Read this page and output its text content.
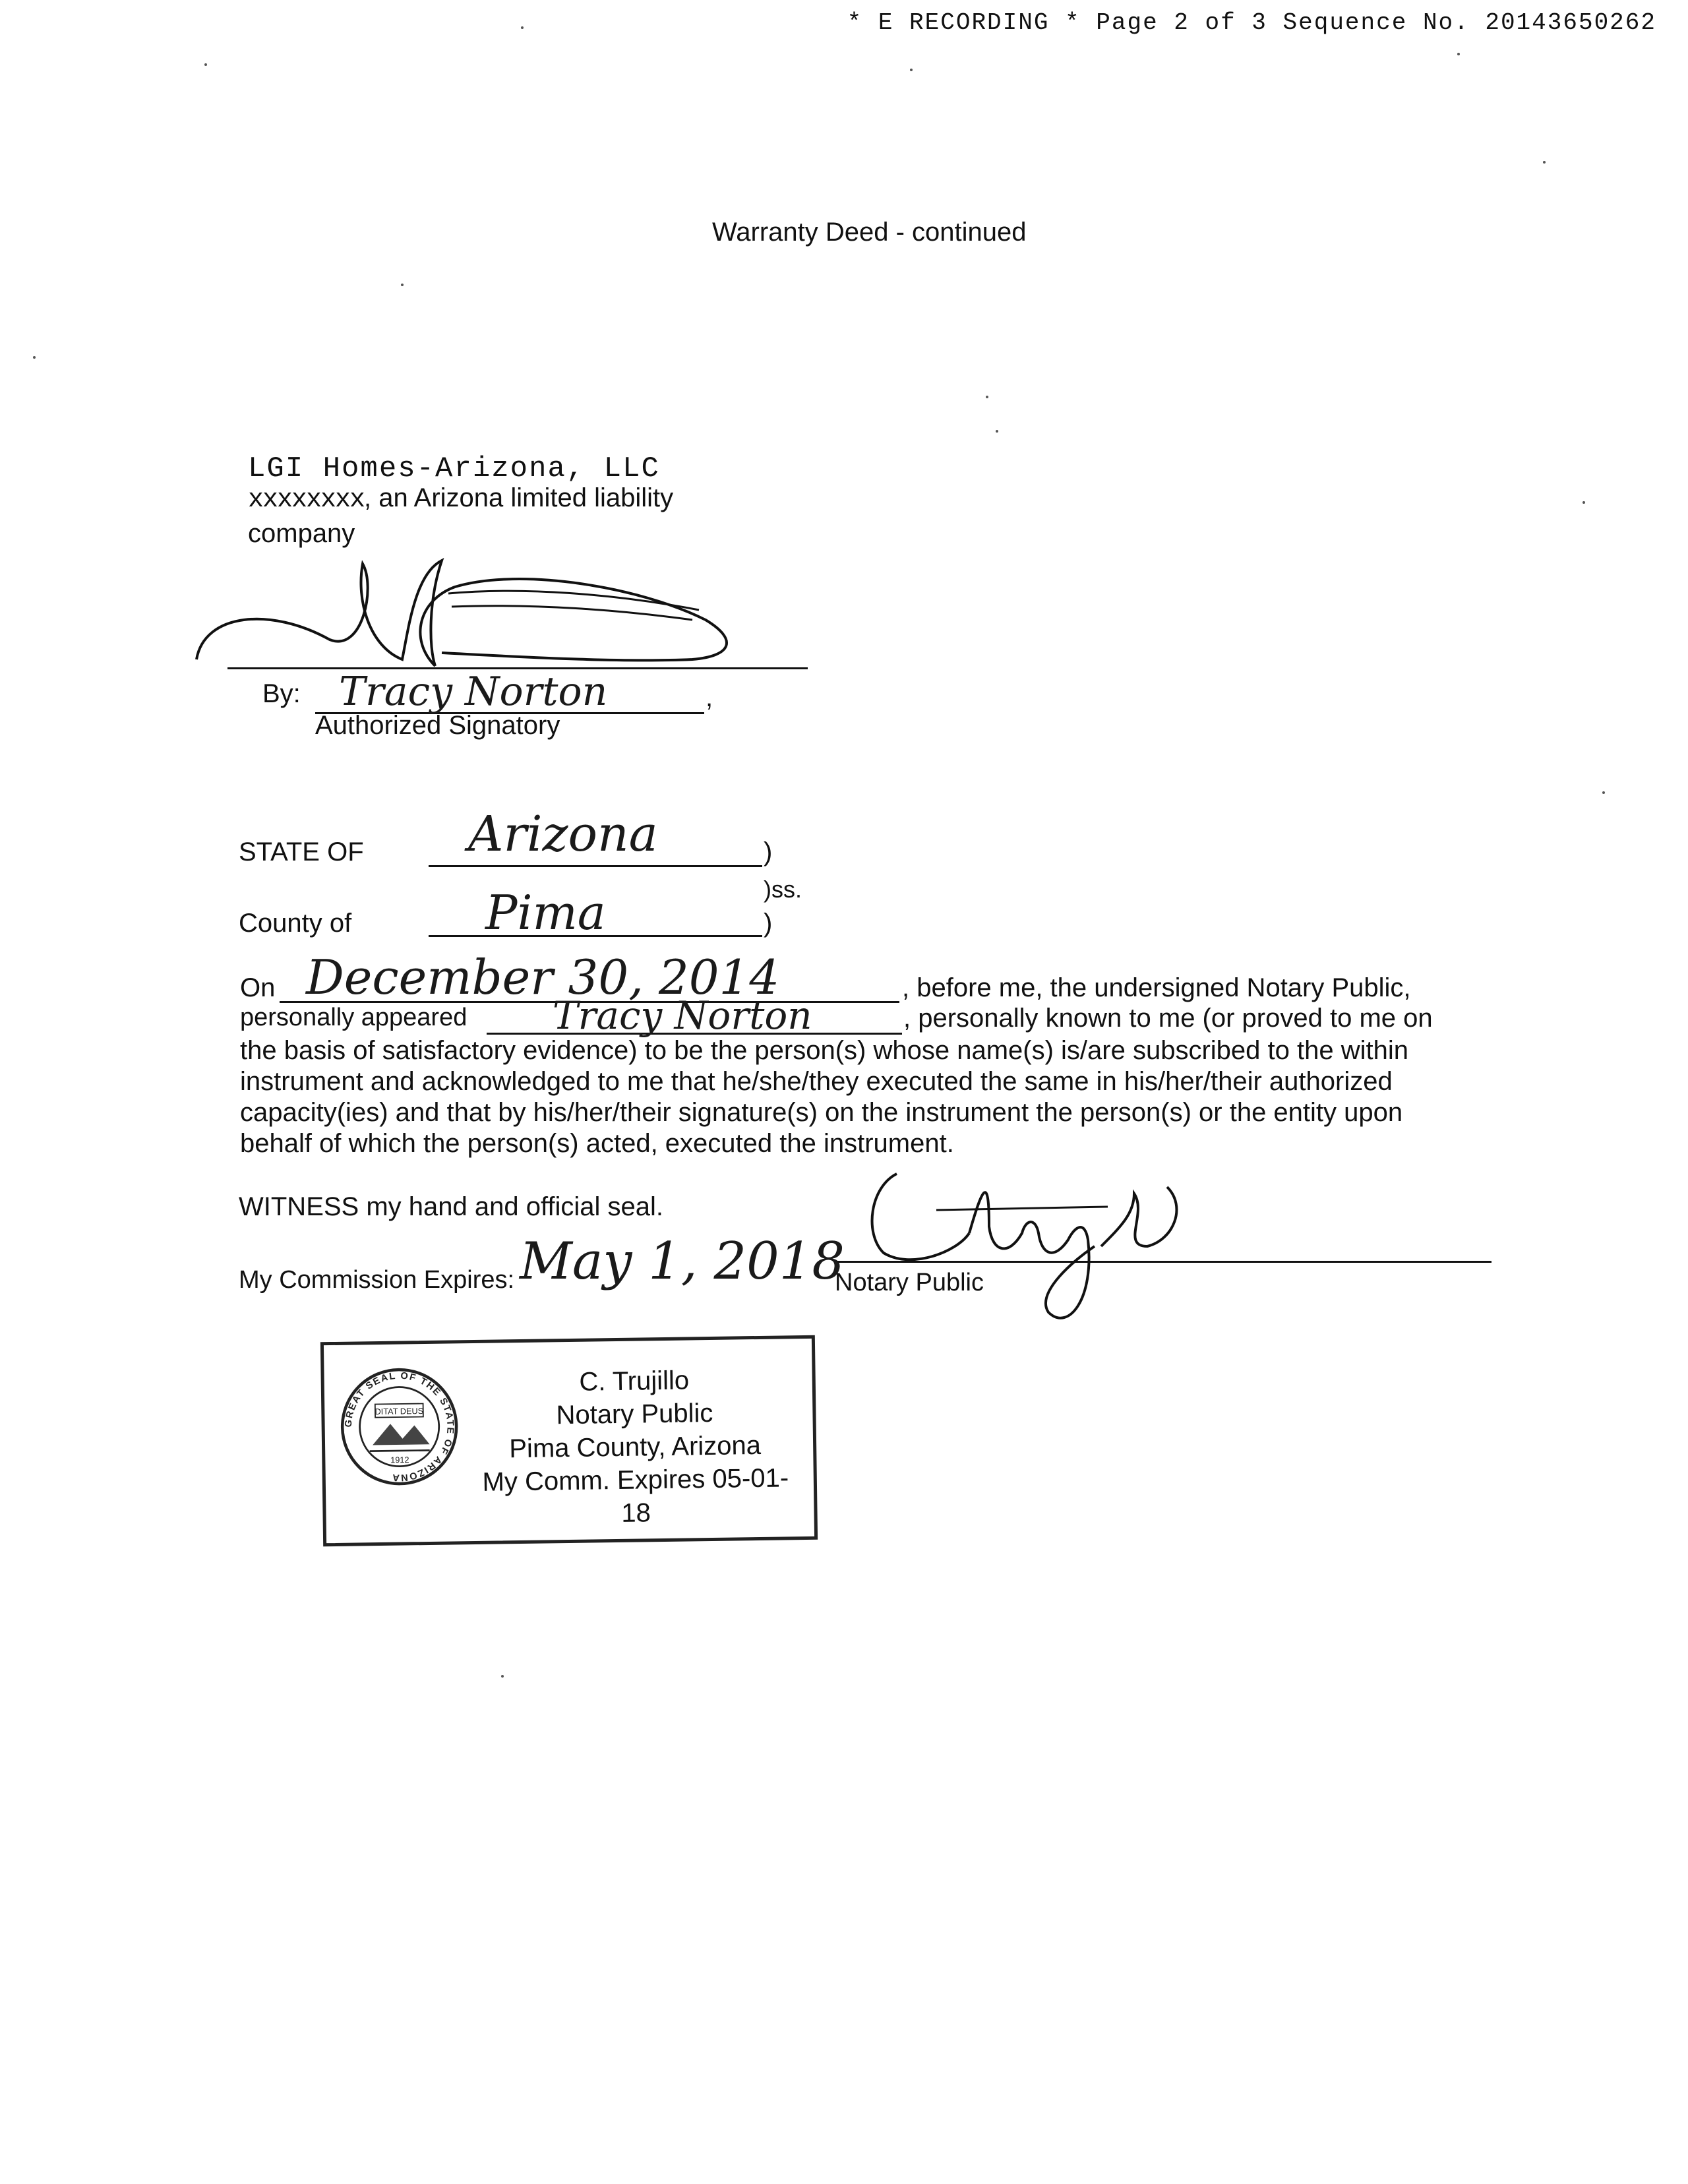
* E RECORDING * Page 2 of 3 Sequence No. 20143650262
Warranty Deed - continued
LGI Homes-Arizona, LLC
xxxxxxxx, an Arizona limited liability company
By: Tracy Norton	,
Authorized Signatory
STATE OF Arizona	)
)ss.
County of	Pima	)
On December 30, 2014	, before me, the undersigned Notary Public,
personally appeared Tracy Norton	, personally known to me (or proved to me on
the basis of satisfactory evidence) to be the person(s) whose name(s) is/are subscribed to the within instrument and acknowledged to me that he/she/they executed the same in his/her/their authorized capacity(ies) and that by his/her/their signature(s) on the instrument the person(s) or the entity upon behalf of which the person(s) acted, executed the instrument.
WITNESS my hand and official seal.
My Commission Expires: May 1, 2018
Notary Public
GREAT SEAL OF THE STATE OF ARIZONA
DITAT DEUS
1912
C. Trujillo
Notary Public
Pima County, Arizona
My Comm. Expires 05-01-18
